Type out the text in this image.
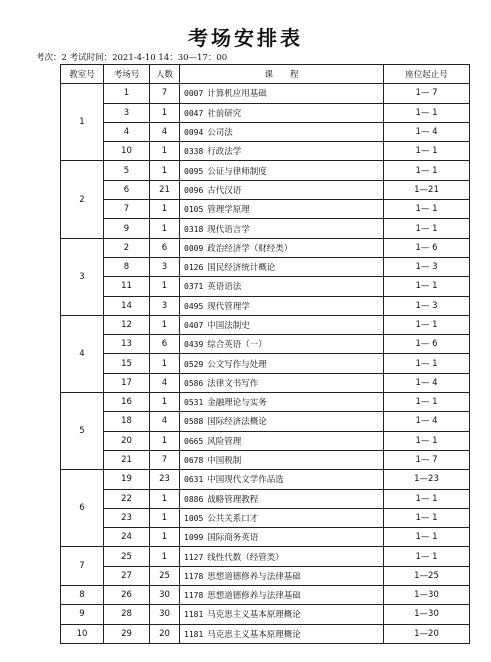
考场安排表
考次：2 考试时间：2021-4-10 14：30—17：00
教室号	考场号	人数	课　　程	座位起止号
1	1	7	0007 计算机应用基础	1— 7
	3	1	0047 社前研究	1— 1
	4	4	0094 公司法	1— 4
	10	1	0338 行政法学	1— 1
2	5	1	0095 公证与律师制度	1— 1
	6	21	0096 古代汉语	1—21
	7	1	0105 管理学原理	1— 1
	9	1	0318 现代语言学	1— 1
3	2	6	0009 政治经济学（财经类）	1— 6
	8	3	0126 国民经济统计概论	1— 3
	11	1	0371 英语语法	1— 1
	14	3	0495 现代管理学	1— 3
4	12	1	0407 中国法制史	1— 1
	13	6	0439 综合英语（一）	1— 6
	15	1	0529 公文写作与处理	1— 1
	17	4	0586 法律文书写作	1— 4
5	16	1	0531 金融理论与实务	1— 1
	18	4	0588 国际经济法概论	1— 4
	20	1	0665 风险管理	1— 1
	21	7	0678 中国税制	1— 7
6	19	23	0631 中国现代文学作品选	1—23
	22	1	0886 战略管理教程	1— 1
	23	1	1005 公共关系口才	1— 1
	24	1	1099 国际商务英语	1— 1
7	25	1	1127 线性代数（经管类）	1— 1
	27	25	1178 思想道德修养与法律基础	1—25
8	26	30	1178 思想道德修养与法律基础	1—30
9	28	30	1181 马克思主义基本原理概论	1—30
10	29	20	1181 马克思主义基本原理概论	1—20
